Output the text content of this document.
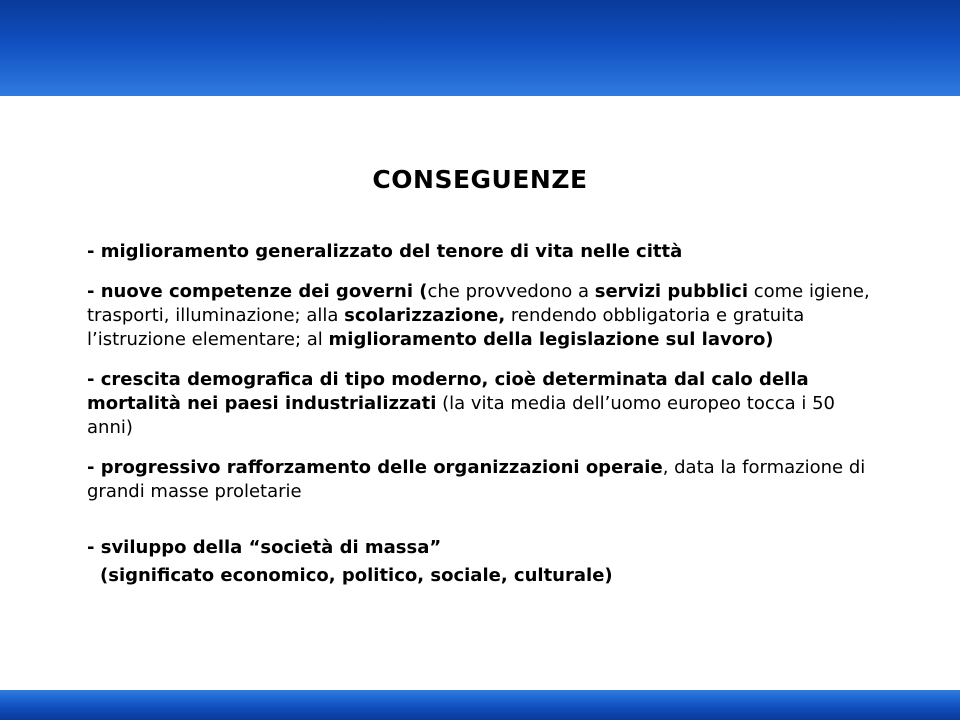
CONSEGUENZE

- miglioramento generalizzato del tenore di vita nelle città

- nuove competenze dei governi (che provvedono a servizi pubblici come igiene, trasporti, illuminazione; alla scolarizzazione, rendendo obbligatoria e gratuita l’istruzione elementare; al miglioramento della legislazione sul lavoro)

- crescita demografica di tipo moderno, cioè determinata dal calo della mortalità nei paesi industrializzati (la vita media dell’uomo europeo tocca i 50 anni)

- progressivo rafforzamento delle organizzazioni operaie, data la formazione di grandi masse proletarie

- sviluppo della “società di massa”

(significato economico, politico, sociale, culturale)
